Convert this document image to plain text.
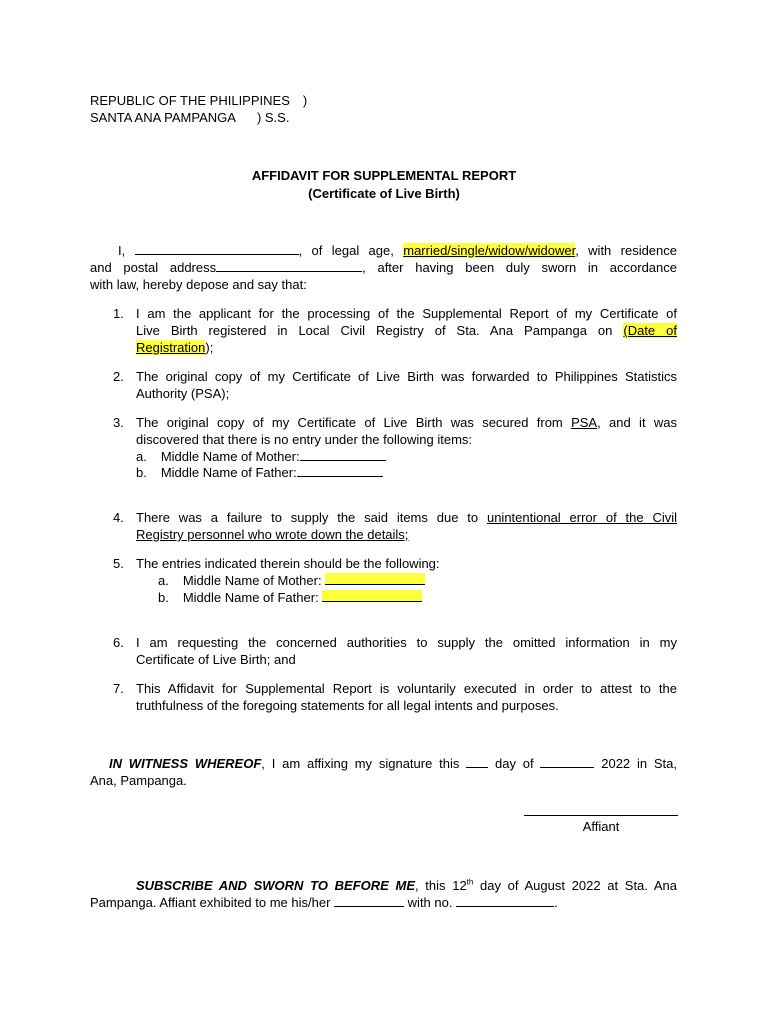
REPUBLIC OF THE PHILIPPINES )
SANTA ANA PAMPANGA ) S.S.
AFFIDAVIT FOR SUPPLEMENTAL REPORT
(Certificate of Live Birth)
I,	, of legal age, married/single/widow/widower, with residence
and postal address	, after having been duly sworn in accordance
with law, hereby depose and say that:
1. I am the applicant for the processing of the Supplemental Report of my Certificate of
Live Birth registered in Local Civil Registry of Sta. Ana Pampanga on (Date of
Registration);
2. The original copy of my Certificate of Live Birth was forwarded to Philippines Statistics
Authority (PSA);
3. The original copy of my Certificate of Live Birth was secured from PSA, and it was
discovered that there is no entry under the following items:
a. Middle Name of Mother:
b. Middle Name of Father:
4. There was a failure to supply the said items due to unintentional error of the Civil
Registry personnel who wrote down the details;
5. The entries indicated therein should be the following:
a. Middle Name of Mother:
b. Middle Name of Father:
6. I am requesting the concerned authorities to supply the omitted information in my
Certificate of Live Birth; and
7. This Affidavit for Supplemental Report is voluntarily executed in order to attest to the
truthfulness of the foregoing statements for all legal intents and purposes.
IN WITNESS WHEREOF, I am affixing my signature this	day of	2022 in Sta,
Ana, Pampanga.
Affiant
SUBSCRIBE AND SWORN TO BEFORE ME, this 12th day of August 2022 at Sta. Ana
Pampanga. Affiant exhibited to me his/her	with no.	.
